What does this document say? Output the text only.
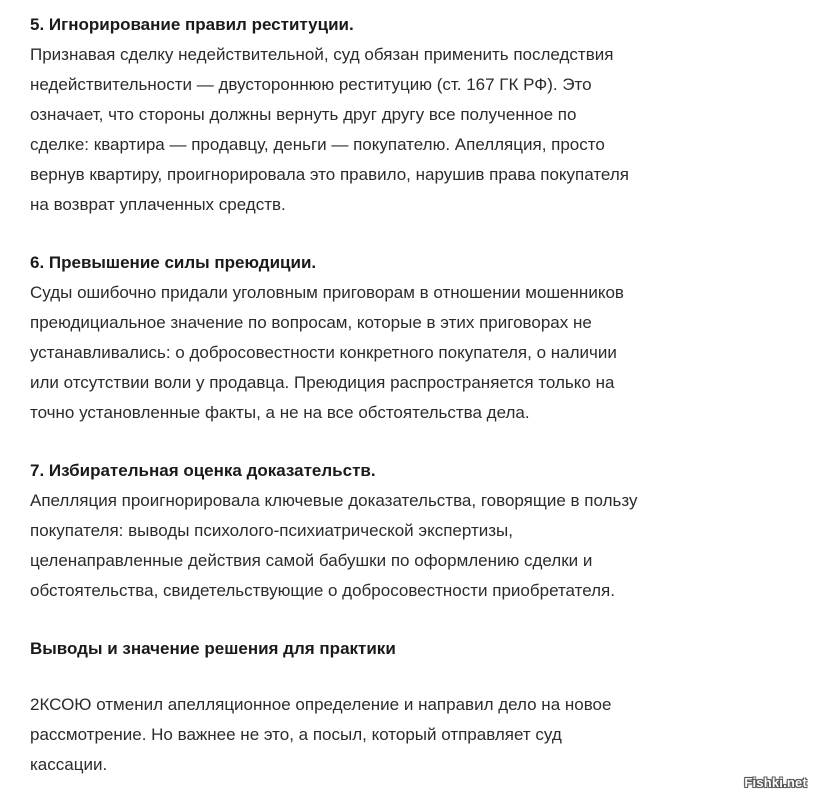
5. Игнорирование правил реституции.

Признавая сделку недействительной, суд обязан применить последствия
недействительности — двустороннюю реституцию (ст. 167 ГК РФ). Это
означает, что стороны должны вернуть друг другу все полученное по
сделке: квартира — продавцу, деньги — покупателю. Апелляция, просто
вернув квартиру, проигнорировала это правило, нарушив права покупателя
на возврат уплаченных средств.

6. Превышение силы преюдиции.

Суды ошибочно придали уголовным приговорам в отношении мошенников
преюдициальное значение по вопросам, которые в этих приговорах не
устанавливались: о добросовестности конкретного покупателя, о наличии
или отсутствии воли у продавца. Преюдиция распространяется только на
точно установленные факты, а не на все обстоятельства дела.

7. Избирательная оценка доказательств.

Апелляция проигнорировала ключевые доказательства, говорящие в пользу
покупателя: выводы психолого-психиатрической экспертизы,
целенаправленные действия самой бабушки по оформлению сделки и
обстоятельства, свидетельствующие о добросовестности приобретателя.

Выводы и значение решения для практики

2КСОЮ отменил апелляционное определение и направил дело на новое
рассмотрение. Но важнее не это, а посыл, который отправляет суд
кассации.

Fishki.net
